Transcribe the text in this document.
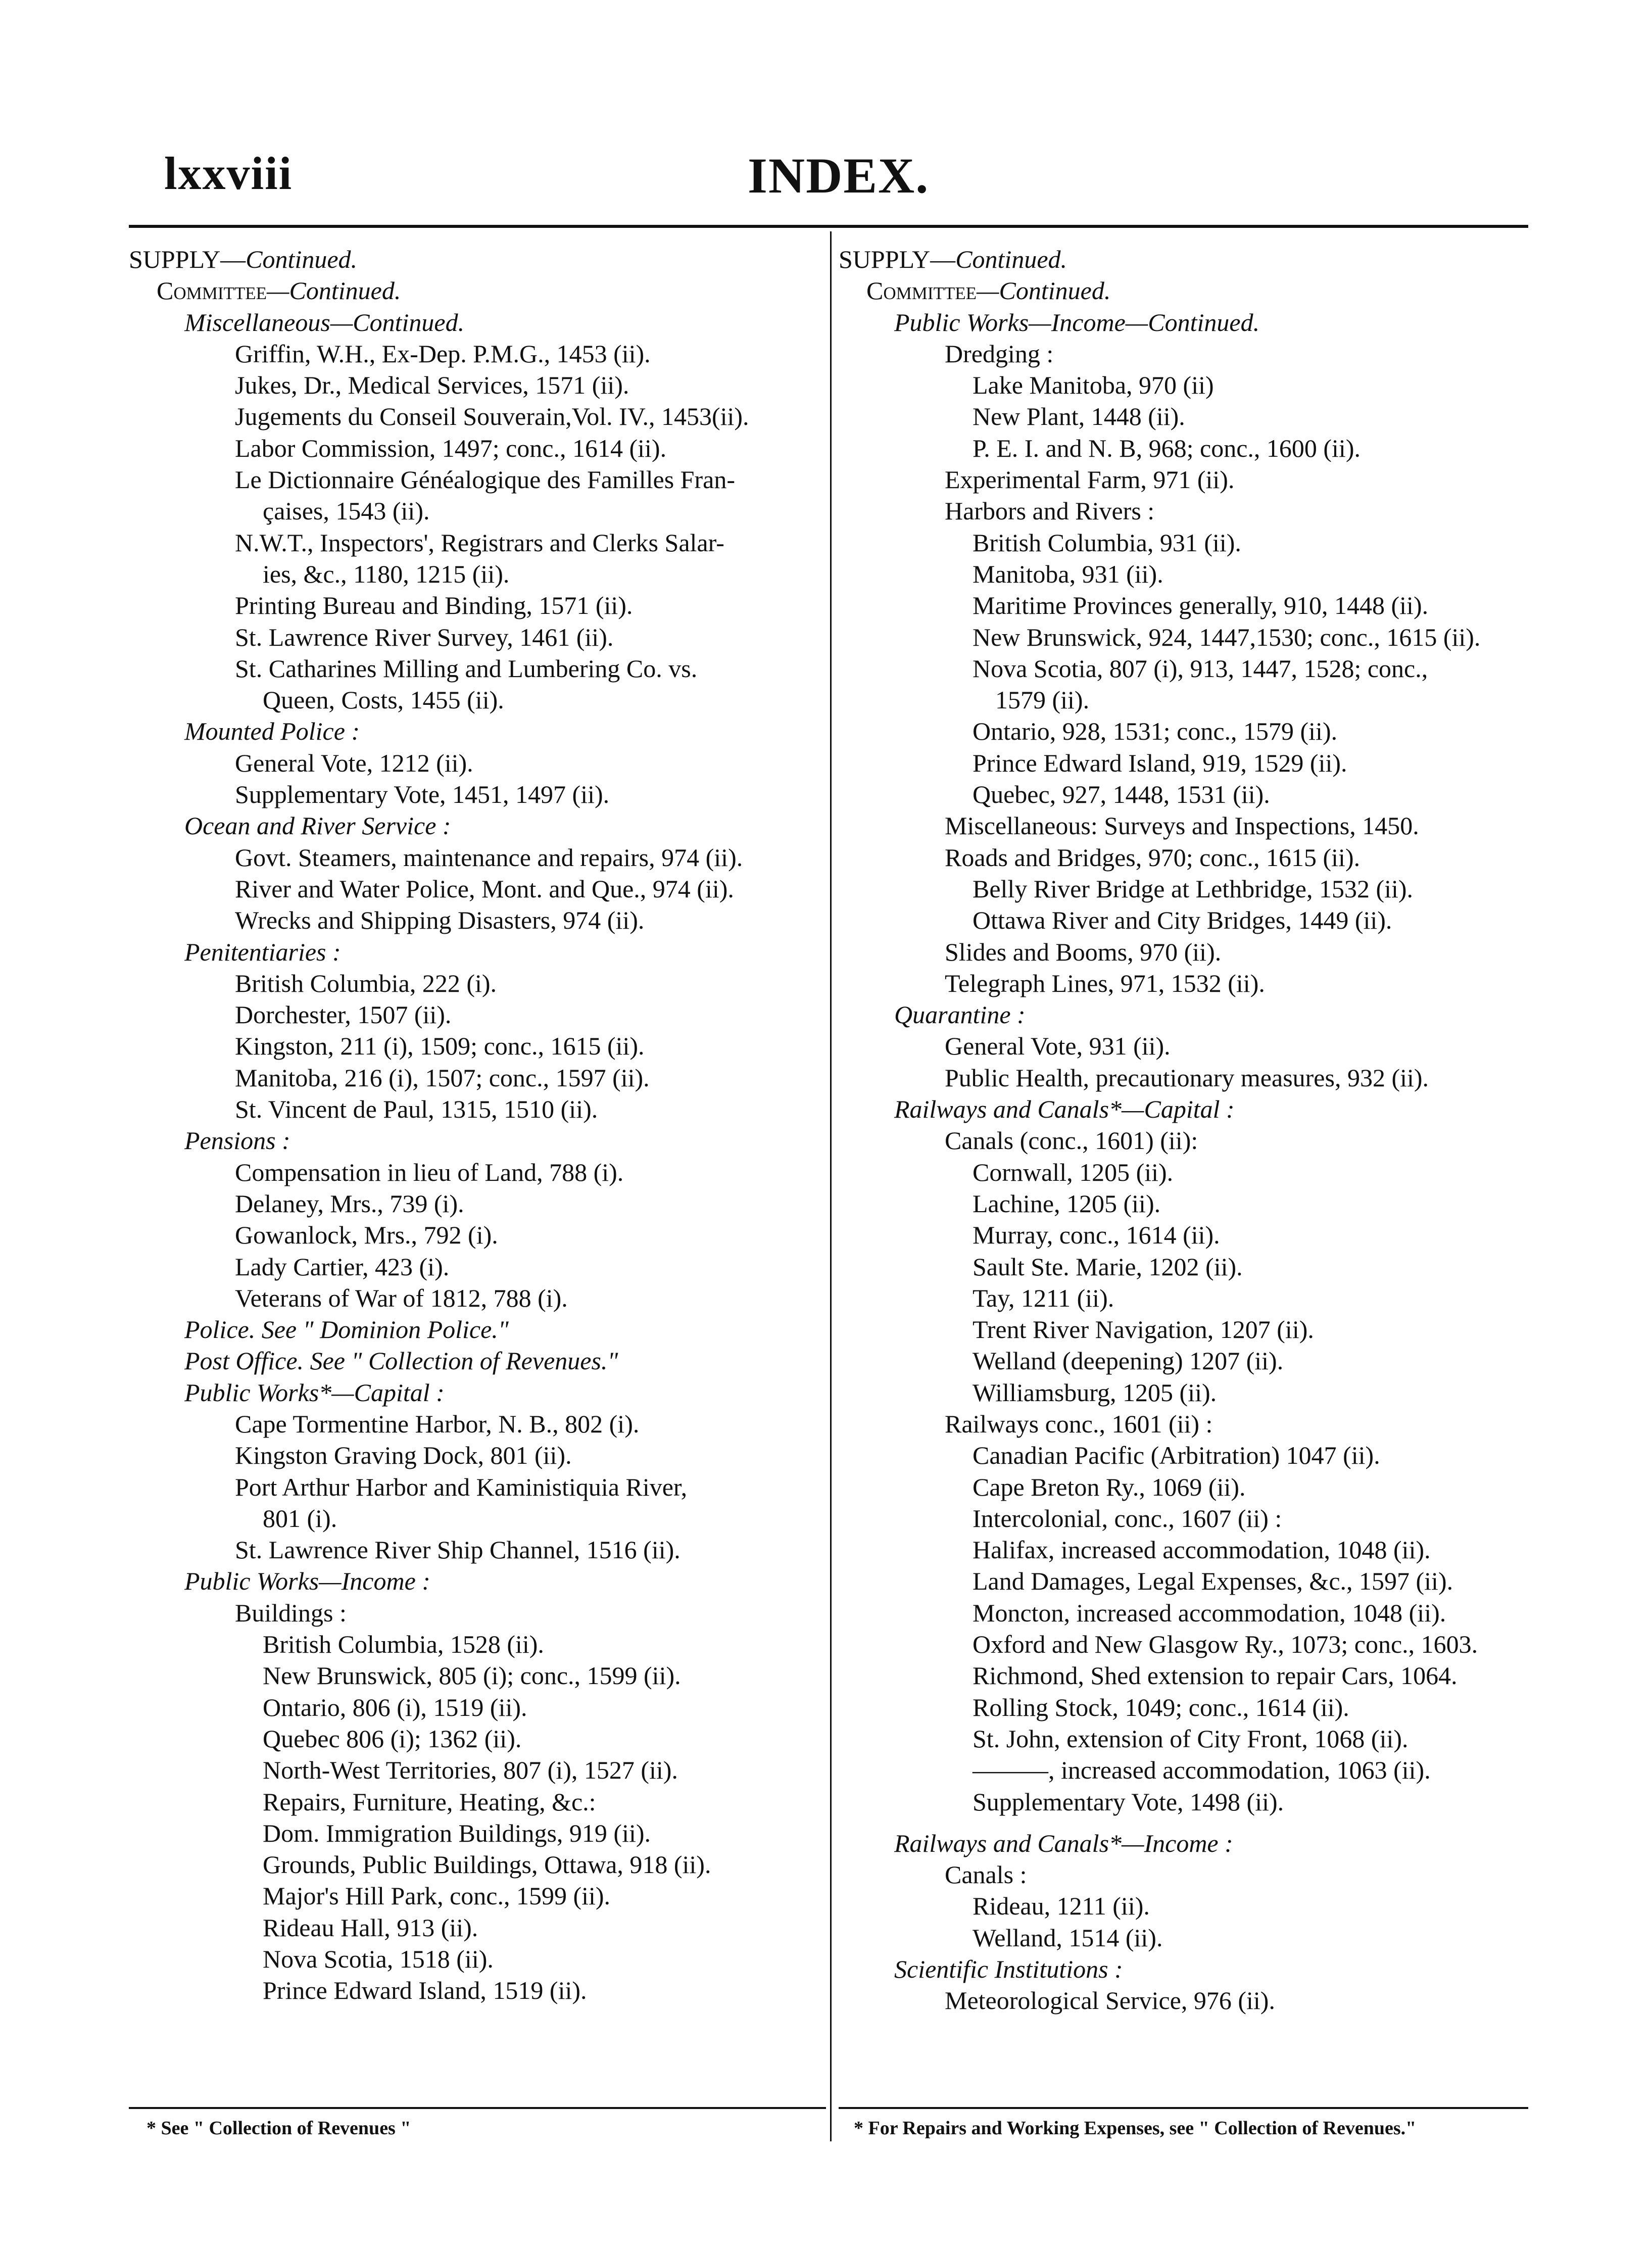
lxxviii	INDEX.
SUPPLY—Continued.
Committee—Continued.
Miscellaneous—Continued.
Griffin, W.H., Ex-Dep. P.M.G., 1453 (ii).
Jukes, Dr., Medical Services, 1571 (ii).
Jugements du Conseil Souverain,Vol. IV., 1453(ii).
Labor Commission, 1497; conc., 1614 (ii).
Le Dictionnaire Généalogique des Familles Fran-
çaises, 1543 (ii).
N.W.T., Inspectors', Registrars and Clerks Salar-
ies, &c., 1180, 1215 (ii).
Printing Bureau and Binding, 1571 (ii).
St. Lawrence River Survey, 1461 (ii).
St. Catharines Milling and Lumbering Co. vs.
Queen, Costs, 1455 (ii).
Mounted Police :
General Vote, 1212 (ii).
Supplementary Vote, 1451, 1497 (ii).
Ocean and River Service :
Govt. Steamers, maintenance and repairs, 974 (ii).
River and Water Police, Mont. and Que., 974 (ii).
Wrecks and Shipping Disasters, 974 (ii).
Penitentiaries :
British Columbia, 222 (i).
Dorchester, 1507 (ii).
Kingston, 211 (i), 1509; conc., 1615 (ii).
Manitoba, 216 (i), 1507; conc., 1597 (ii).
St. Vincent de Paul, 1315, 1510 (ii).
Pensions :
Compensation in lieu of Land, 788 (i).
Delaney, Mrs., 739 (i).
Gowanlock, Mrs., 792 (i).
Lady Cartier, 423 (i).
Veterans of War of 1812, 788 (i).
Police. See " Dominion Police."
Post Office. See " Collection of Revenues."
Public Works*—Capital :
Cape Tormentine Harbor, N. B., 802 (i).
Kingston Graving Dock, 801 (ii).
Port Arthur Harbor and Kaministiquia River,
801 (i).
St. Lawrence River Ship Channel, 1516 (ii).
Public Works—Income :
Buildings :
British Columbia, 1528 (ii).
New Brunswick, 805 (i); conc., 1599 (ii).
Ontario, 806 (i), 1519 (ii).
Quebec 806 (i); 1362 (ii).
North-West Territories, 807 (i), 1527 (ii).
Repairs, Furniture, Heating, &c.:
Dom. Immigration Buildings, 919 (ii).
Grounds, Public Buildings, Ottawa, 918 (ii).
Major's Hill Park, conc., 1599 (ii).
Rideau Hall, 913 (ii).
Nova Scotia, 1518 (ii).
Prince Edward Island, 1519 (ii).
SUPPLY—Continued.
Committee—Continued.
Public Works—Income—Continued.
Dredging :
Lake Manitoba, 970 (ii)
New Plant, 1448 (ii).
P. E. I. and N. B, 968; conc., 1600 (ii).
Experimental Farm, 971 (ii).
Harbors and Rivers :
British Columbia, 931 (ii).
Manitoba, 931 (ii).
Maritime Provinces generally, 910, 1448 (ii).
New Brunswick, 924, 1447,1530; conc., 1615 (ii).
Nova Scotia, 807 (i), 913, 1447, 1528; conc.,
1579 (ii).
Ontario, 928, 1531; conc., 1579 (ii).
Prince Edward Island, 919, 1529 (ii).
Quebec, 927, 1448, 1531 (ii).
Miscellaneous: Surveys and Inspections, 1450.
Roads and Bridges, 970; conc., 1615 (ii).
Belly River Bridge at Lethbridge, 1532 (ii).
Ottawa River and City Bridges, 1449 (ii).
Slides and Booms, 970 (ii).
Telegraph Lines, 971, 1532 (ii).
Quarantine :
General Vote, 931 (ii).
Public Health, precautionary measures, 932 (ii).
Railways and Canals*—Capital :
Canals (conc., 1601) (ii):
Cornwall, 1205 (ii).
Lachine, 1205 (ii).
Murray, conc., 1614 (ii).
Sault Ste. Marie, 1202 (ii).
Tay, 1211 (ii).
Trent River Navigation, 1207 (ii).
Welland (deepening) 1207 (ii).
Williamsburg, 1205 (ii).
Railways conc., 1601 (ii) :
Canadian Pacific (Arbitration) 1047 (ii).
Cape Breton Ry., 1069 (ii).
Intercolonial, conc., 1607 (ii) :
Halifax, increased accommodation, 1048 (ii).
Land Damages, Legal Expenses, &c., 1597 (ii).
Moncton, increased accommodation, 1048 (ii).
Oxford and New Glasgow Ry., 1073; conc., 1603.
Richmond, Shed extension to repair Cars, 1064.
Rolling Stock, 1049; conc., 1614 (ii).
St. John, extension of City Front, 1068 (ii).
———, increased accommodation, 1063 (ii).
Supplementary Vote, 1498 (ii).
Railways and Canals*—Income :
Canals :
Rideau, 1211 (ii).
Welland, 1514 (ii).
Scientific Institutions :
Meteorological Service, 976 (ii).
* See " Collection of Revenues "	* For Repairs and Working Expenses, see " Collection of Revenues."
